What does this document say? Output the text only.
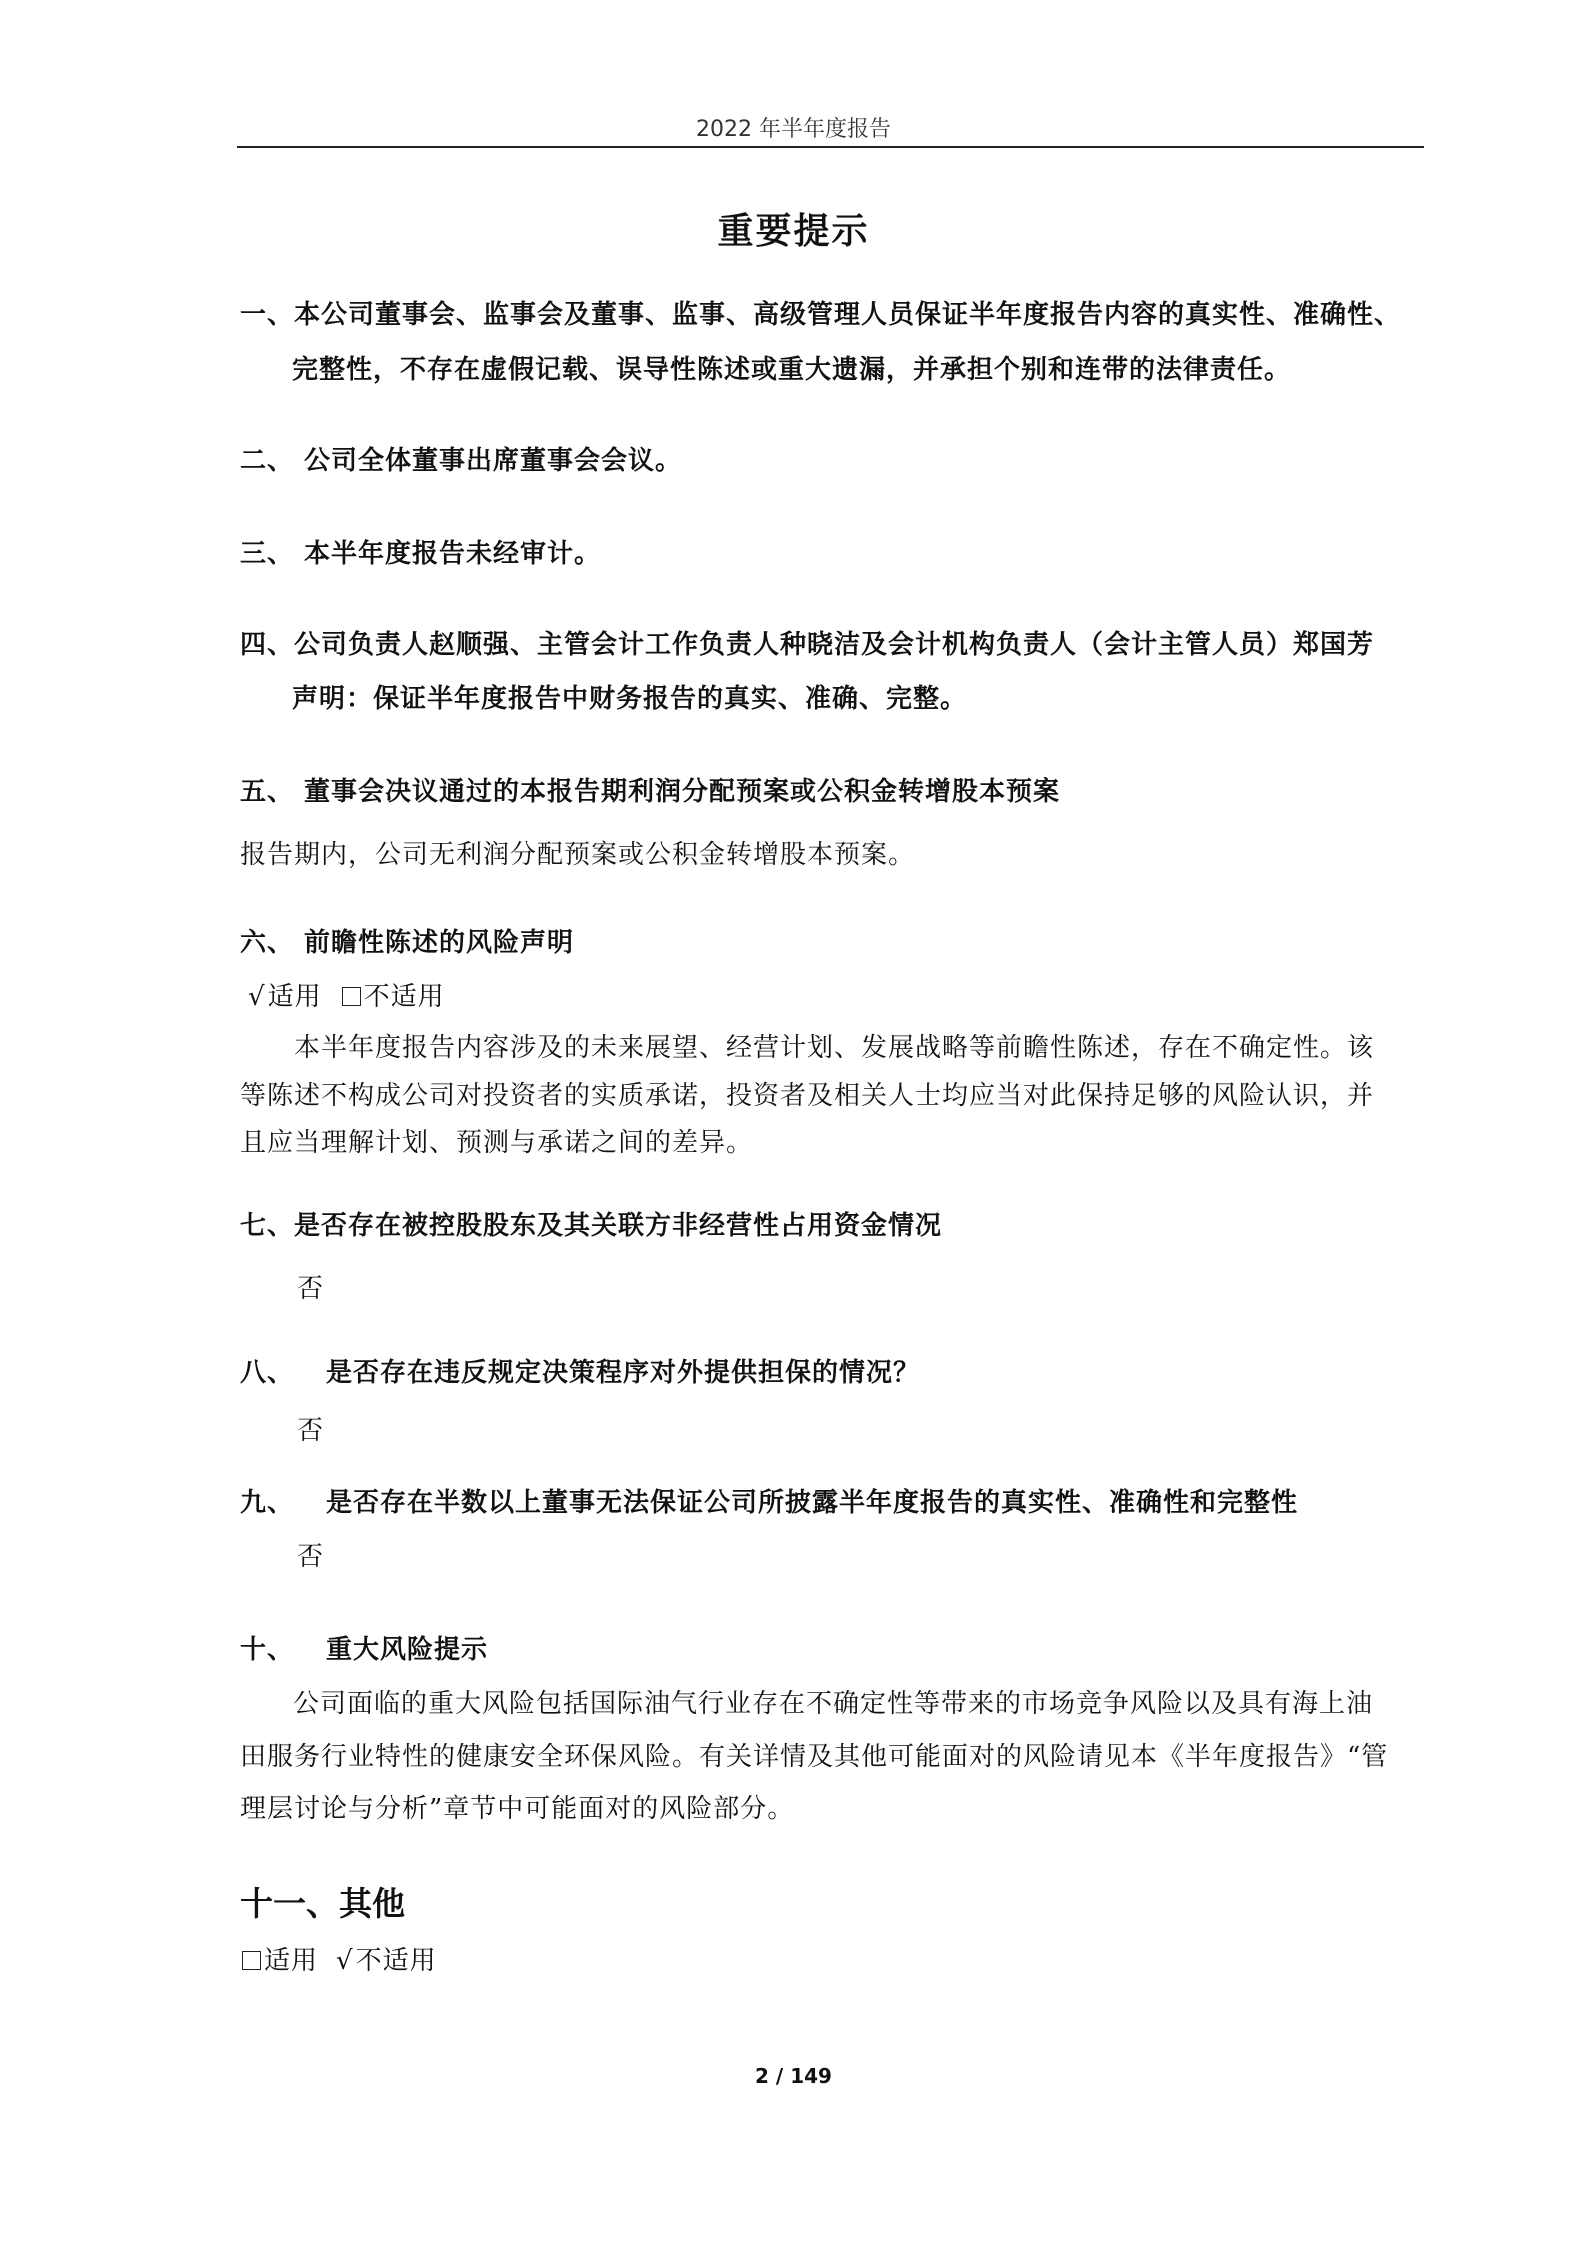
2022 年半年度报告
重要提示
一、本公司董事会、监事会及董事、监事、高级管理人员保证半年度报告内容的真实性、准确性、
完整性，不存在虚假记载、误导性陈述或重大遗漏，并承担个别和连带的法律责任。
二、 公司全体董事出席董事会会议。
三、 本半年度报告未经审计。
四、公司负责人赵顺强、主管会计工作负责人种晓洁及会计机构负责人（会计主管人员）郑国芳
声明：保证半年度报告中财务报告的真实、准确、完整。
五、 董事会决议通过的本报告期利润分配预案或公积金转增股本预案
报告期内，公司无利润分配预案或公积金转增股本预案。
六、 前瞻性陈述的风险声明
√适用 不适用
本半年度报告内容涉及的未来展望、经营计划、发展战略等前瞻性陈述，存在不确定性。该
等陈述不构成公司对投资者的实质承诺，投资者及相关人士均应当对此保持足够的风险认识，并
且应当理解计划、预测与承诺之间的差异。
七、是否存在被控股股东及其关联方非经营性占用资金情况
否
八、 是否存在违反规定决策程序对外提供担保的情况？
否
九、 是否存在半数以上董事无法保证公司所披露半年度报告的真实性、准确性和完整性
否
十、 重大风险提示
公司面临的重大风险包括国际油气行业存在不确定性等带来的市场竞争风险以及具有海上油
田服务行业特性的健康安全环保风险。有关详情及其他可能面对的风险请见本《半年度报告》“管
理层讨论与分析”章节中可能面对的风险部分。
十一、其他
适用 √不适用
2 / 149
